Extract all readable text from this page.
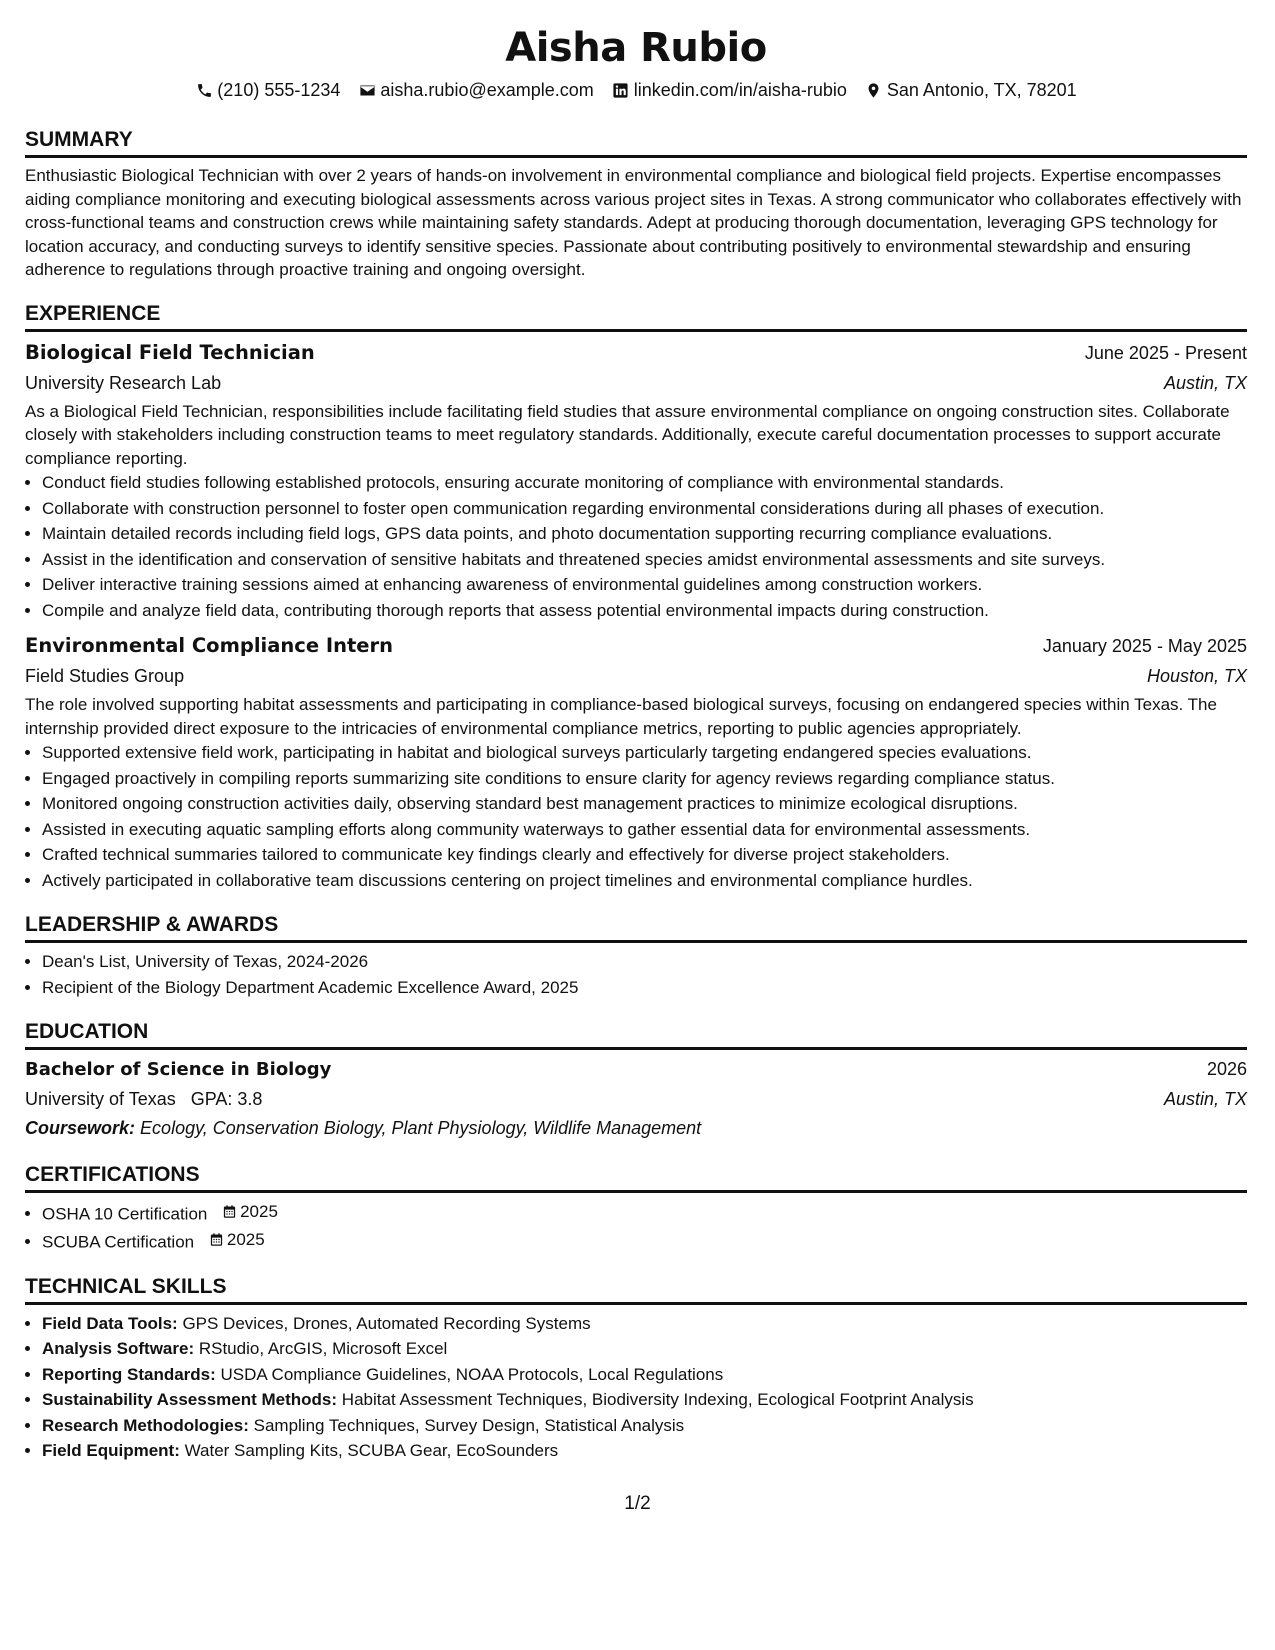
Aisha Rubio
(210) 555-1234 aisha.rubio@example.com linkedin.com/in/aisha-rubio San Antonio, TX, 78201
SUMMARY

Enthusiastic Biological Technician with over 2 years of hands-on involvement in environmental compliance and biological field projects. Expertise encompasses aiding compliance monitoring and executing biological assessments across various project sites in Texas. A strong communicator who collaborates effectively with cross-functional teams and construction crews while maintaining safety standards. Adept at producing thorough documentation, leveraging GPS technology for location accuracy, and conducting surveys to identify sensitive species. Passionate about contributing positively to environmental stewardship and ensuring adherence to regulations through proactive training and ongoing oversight.

EXPERIENCE
Biological Field Technician	June 2025 - Present
University Research Lab	Austin, TX

As a Biological Field Technician, responsibilities include facilitating field studies that assure environmental compliance on ongoing construction sites. Collaborate closely with stakeholders including construction teams to meet regulatory standards. Additionally, execute careful documentation processes to support accurate compliance reporting.

• Conduct field studies following established protocols, ensuring accurate monitoring of compliance with environmental standards.
• Collaborate with construction personnel to foster open communication regarding environmental considerations during all phases of execution.
• Maintain detailed records including field logs, GPS data points, and photo documentation supporting recurring compliance evaluations.
• Assist in the identification and conservation of sensitive habitats and threatened species amidst environmental assessments and site surveys.
• Deliver interactive training sessions aimed at enhancing awareness of environmental guidelines among construction workers.
• Compile and analyze field data, contributing thorough reports that assess potential environmental impacts during construction.
Environmental Compliance Intern	January 2025 - May 2025
Field Studies Group	Houston, TX

The role involved supporting habitat assessments and participating in compliance-based biological surveys, focusing on endangered species within Texas. The internship provided direct exposure to the intricacies of environmental compliance metrics, reporting to public agencies appropriately.

• Supported extensive field work, participating in habitat and biological surveys particularly targeting endangered species evaluations.
• Engaged proactively in compiling reports summarizing site conditions to ensure clarity for agency reviews regarding compliance status.
• Monitored ongoing construction activities daily, observing standard best management practices to minimize ecological disruptions.
• Assisted in executing aquatic sampling efforts along community waterways to gather essential data for environmental assessments.
• Crafted technical summaries tailored to communicate key findings clearly and effectively for diverse project stakeholders.
• Actively participated in collaborative team discussions centering on project timelines and environmental compliance hurdles.
LEADERSHIP & AWARDS
• Dean's List, University of Texas, 2024-2026
• Recipient of the Biology Department Academic Excellence Award, 2025
EDUCATION
Bachelor of Science in Biology	2026
University of Texas   GPA: 3.8	Austin, TX
Coursework: Ecology, Conservation Biology, Plant Physiology, Wildlife Management
CERTIFICATIONS
• OSHA 10 Certification 2025
• SCUBA Certification 2025
TECHNICAL SKILLS
• Field Data Tools: GPS Devices, Drones, Automated Recording Systems
• Analysis Software: RStudio, ArcGIS, Microsoft Excel
• Reporting Standards: USDA Compliance Guidelines, NOAA Protocols, Local Regulations
• Sustainability Assessment Methods: Habitat Assessment Techniques, Biodiversity Indexing, Ecological Footprint Analysis
• Research Methodologies: Sampling Techniques, Survey Design, Statistical Analysis
• Field Equipment: Water Sampling Kits, SCUBA Gear, EcoSounders
1/2
